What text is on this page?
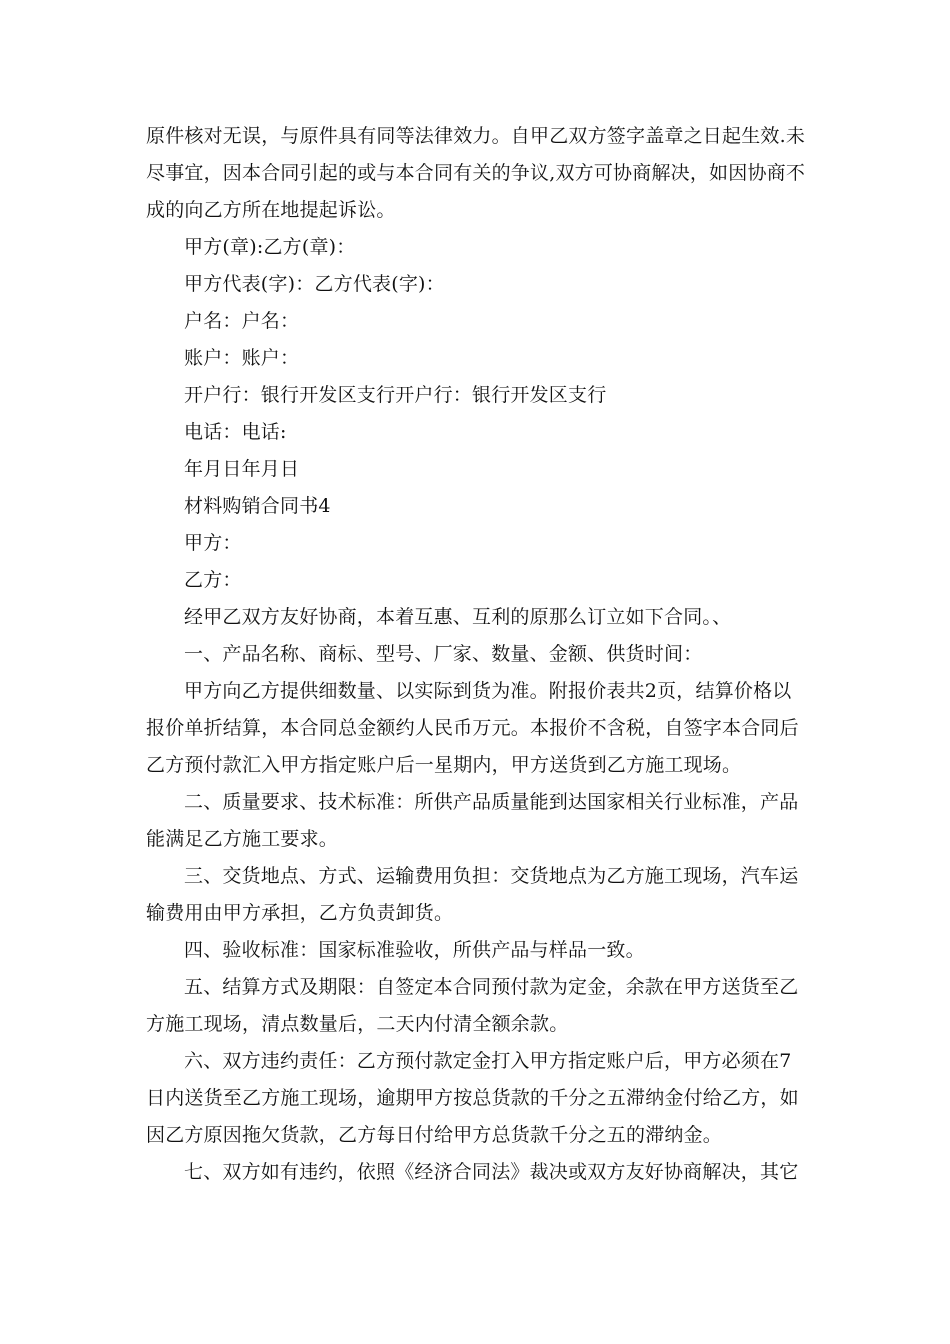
原件核对无误，与原件具有同等法律效力。自甲乙双方签字盖章之日起生效.未
尽事宜，因本合同引起的或与本合同有关的争议,双方可协商解决，如因协商不
成的向乙方所在地提起诉讼。
甲方(章):乙方(章)：
甲方代表(字)：乙方代表(字)：
户名：户名：
账户：账户：
开户行：银行开发区支行开户行：银行开发区支行
电话：电话:
年月日年月日
材料购销合同书4
甲方：
乙方：
经甲乙双方友好协商，本着互惠、互利的原那么订立如下合同。、
一、产品名称、商标、型号、厂家、数量、金额、供货时间：
甲方向乙方提供细数量、以实际到货为准。附报价表共2页，结算价格以
报价单折结算，本合同总金额约人民币万元。本报价不含税，自签字本合同后
乙方预付款汇入甲方指定账户后一星期内，甲方送货到乙方施工现场。
二、质量要求、技术标准：所供产品质量能到达国家相关行业标准，产品
能满足乙方施工要求。
三、交货地点、方式、运输费用负担：交货地点为乙方施工现场，汽车运
输费用由甲方承担，乙方负责卸货。
四、验收标准：国家标准验收，所供产品与样品一致。
五、结算方式及期限：自签定本合同预付款为定金，余款在甲方送货至乙
方施工现场，清点数量后，二天内付清全额余款。
六、双方违约责任：乙方预付款定金打入甲方指定账户后，甲方必须在7
日内送货至乙方施工现场，逾期甲方按总货款的千分之五滞纳金付给乙方，如
因乙方原因拖欠货款，乙方每日付给甲方总货款千分之五的滞纳金。
七、双方如有违约，依照《经济合同法》裁决或双方友好协商解决，其它
